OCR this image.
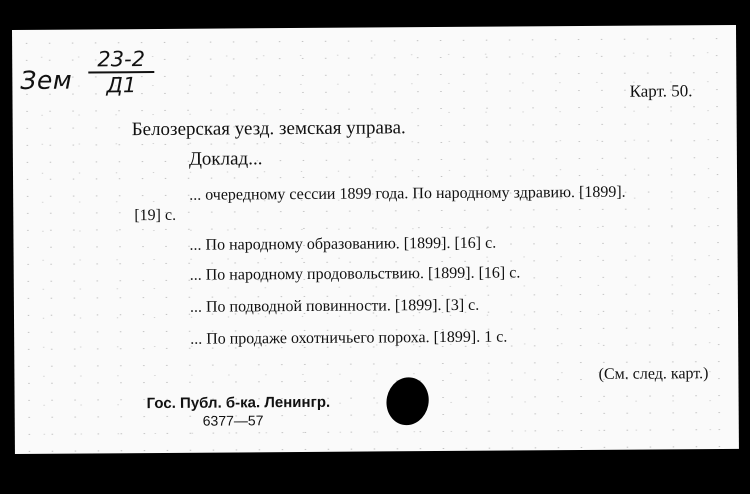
Зем
23-2
Д1	Карт. 50.
Белозерская уезд. земская управа.
Доклад...
... очередному сессии 1899 года. По народному здравию. [1899].
[19] с.
... По народному образованию. [1899]. [16] с.
... По народному продовольствию. [1899]. [16] с.
... По подводной повинности. [1899]. [3] с.
... По продаже охотничьего пороха. [1899]. 1 с.
(См. след. карт.)
Гос. Публ. б-ка. Ленингр.
6377—57
